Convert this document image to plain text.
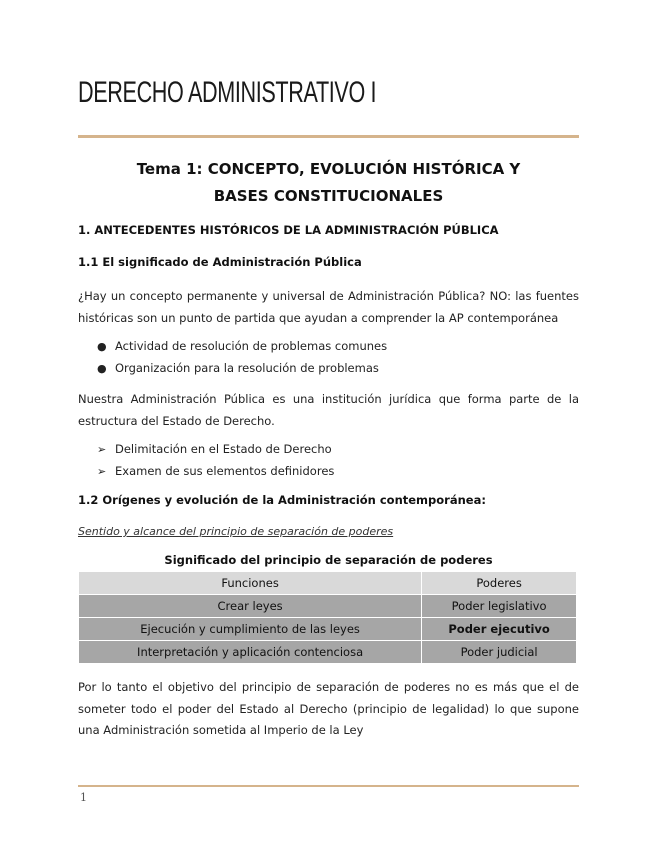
DERECHO ADMINISTRATIVO I
Tema 1: CONCEPTO, EVOLUCIÓN HISTÓRICA Y BASES CONSTITUCIONALES
1. ANTECEDENTES HISTÓRICOS DE LA ADMINISTRACIÓN PÚBLICA
1.1 El significado de Administración Pública

¿Hay un concepto permanente y universal de Administración Pública? NO: las fuentes históricas son un punto de partida que ayudan a comprender la AP contemporánea

● Actividad de resolución de problemas comunes
● Organización para la resolución de problemas

Nuestra Administración Pública es una institución jurídica que forma parte de la estructura del Estado de Derecho.

➢ Delimitación en el Estado de Derecho
➢ Examen de sus elementos definidores
1.2 Orígenes y evolución de la Administración contemporánea:
Sentido y alcance del principio de separación de poderes
Significado del principio de separación de poderes
Funciones	Poderes
Crear leyes	Poder legislativo
Ejecución y cumplimiento de las leyes	Poder ejecutivo
Interpretación y aplicación contenciosa	Poder judicial

Por lo tanto el objetivo del principio de separación de poderes no es más que el de someter todo el poder del Estado al Derecho (principio de legalidad) lo que supone una Administración sometida al Imperio de la Ley

1
